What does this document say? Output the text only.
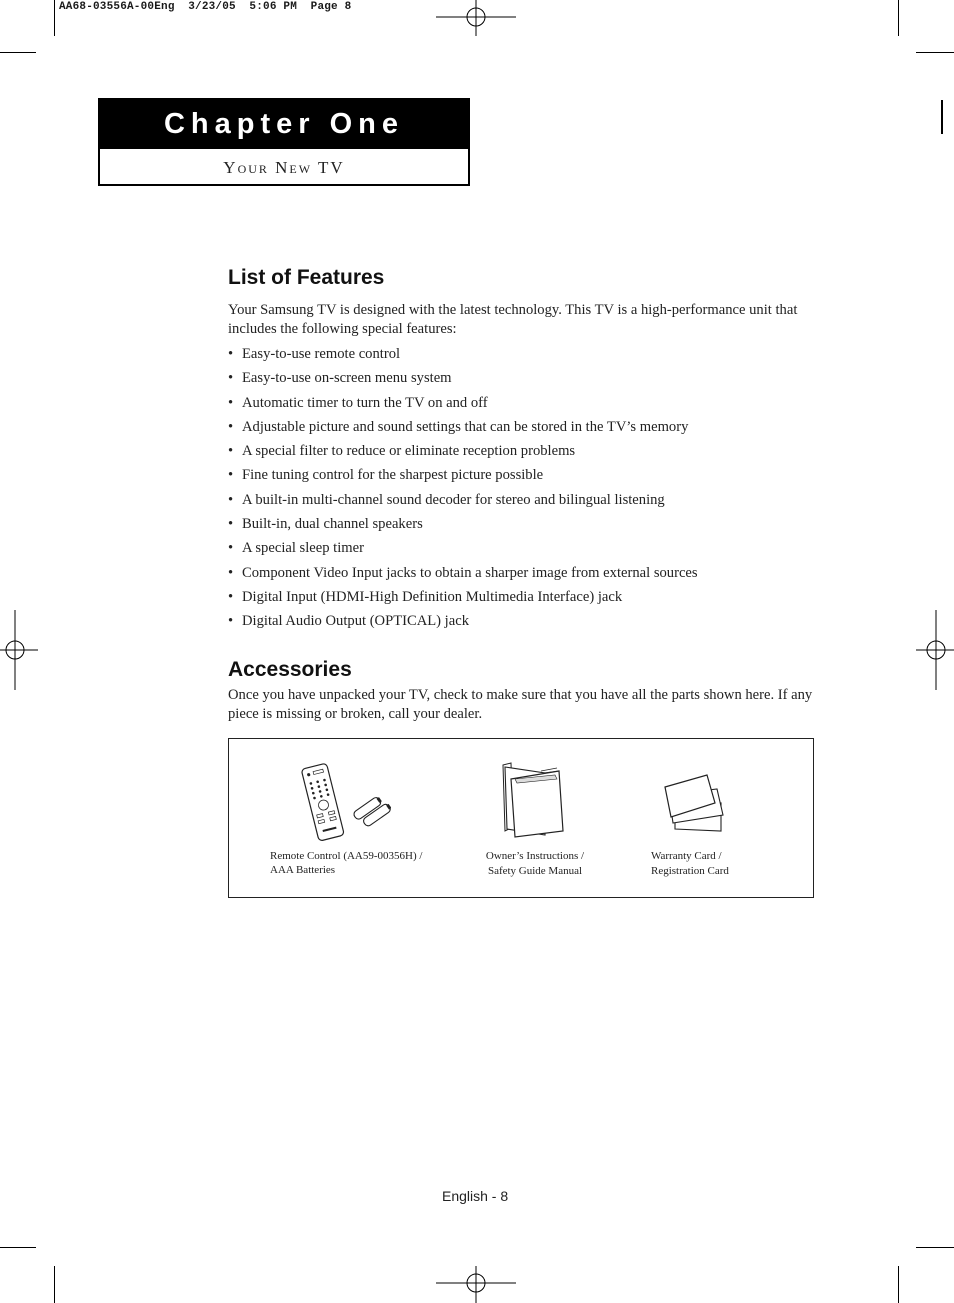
AA68-03556A-00Eng  3/23/05  5:06 PM  Page 8
Chapter One
Your New TV
List of Features
Your Samsung TV is designed with the latest technology. This TV is a high-performance unit that includes the following special features:
• Easy-to-use remote control
• Easy-to-use on-screen menu system
• Automatic timer to turn the TV on and off
• Adjustable picture and sound settings that can be stored in the TV’s memory
• A special filter to reduce or eliminate reception problems
• Fine tuning control for the sharpest picture possible
• A built-in multi-channel sound decoder for stereo and bilingual listening
• Built-in, dual channel speakers
• A special sleep timer
• Component Video Input jacks to obtain a sharper image from external sources
• Digital Input (HDMI-High Definition Multimedia Interface) jack
• Digital Audio Output (OPTICAL) jack
Accessories
Once you have unpacked your TV, check to make sure that you have all the parts shown here. If any piece is missing or broken, call your dealer.
Remote Control (AA59-00356H) /
AAA Batteries
Owner’s Instructions /
Safety Guide Manual
Warranty Card /
Registration Card
English - 8
